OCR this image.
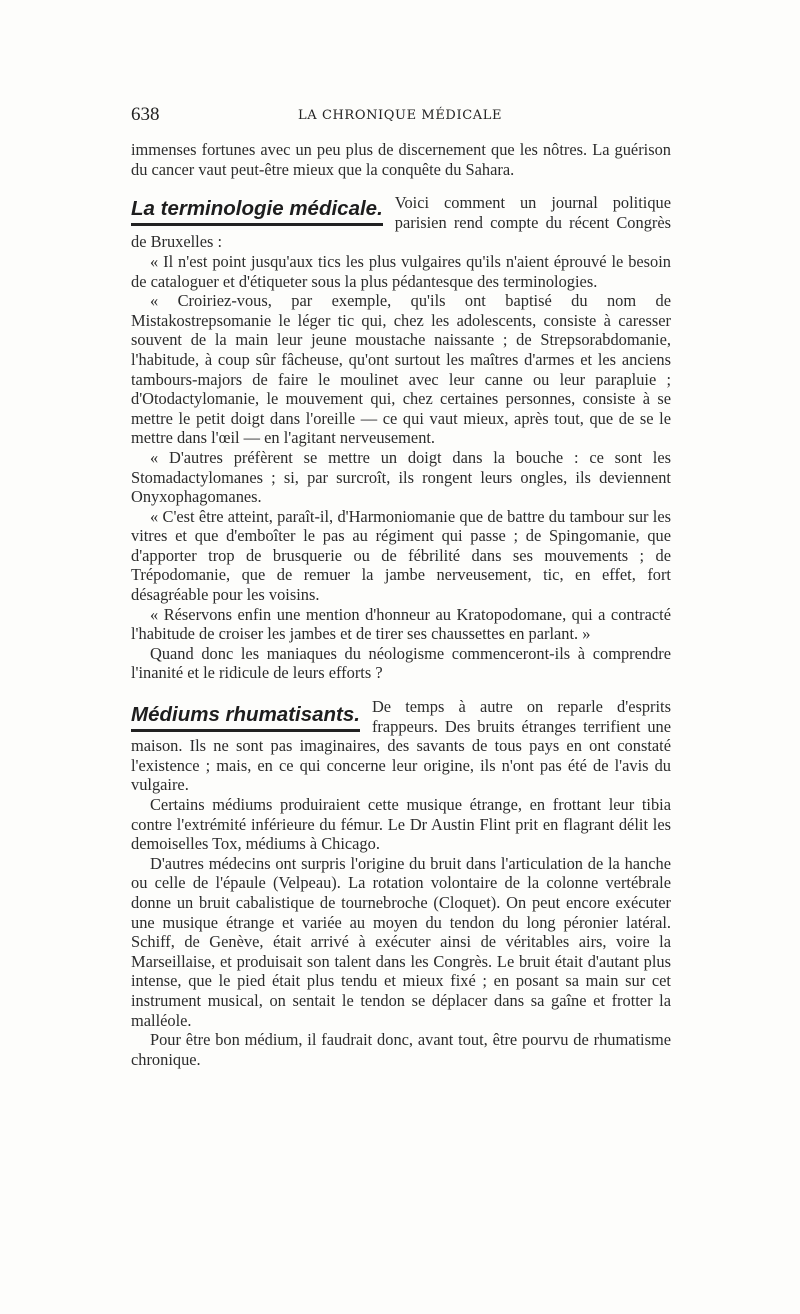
638	LA CHRONIQUE MÉDICALE

immenses fortunes avec un peu plus de discernement que les nôtres. La guérison du cancer vaut peut-être mieux que la conquête du Sahara.

La terminologie médicale. Voici comment un journal politique parisien rend compte du récent Congrès de Bruxelles :

« Il n'est point jusqu'aux tics les plus vulgaires qu'ils n'aient éprouvé le besoin de cataloguer et d'étiqueter sous la plus pédantesque des terminologies.

« Croiriez-vous, par exemple, qu'ils ont baptisé du nom de Mistakostrepsomanie le léger tic qui, chez les adolescents, consiste à caresser souvent de la main leur jeune moustache naissante ; de Strepsorabdomanie, l'habitude, à coup sûr fâcheuse, qu'ont surtout les maîtres d'armes et les anciens tambours-majors de faire le moulinet avec leur canne ou leur parapluie ; d'Otodactylomanie, le mouvement qui, chez certaines personnes, consiste à se mettre le petit doigt dans l'oreille — ce qui vaut mieux, après tout, que de se le mettre dans l'œil — en l'agitant nerveusement.

« D'autres préfèrent se mettre un doigt dans la bouche : ce sont les Stomadactylomanes ; si, par surcroît, ils rongent leurs ongles, ils deviennent Onyxophagomanes.

« C'est être atteint, paraît-il, d'Harmoniomanie que de battre du tambour sur les vitres et que d'emboîter le pas au régiment qui passe ; de Spingomanie, que d'apporter trop de brusquerie ou de fébrilité dans ses mouvements ; de Trépodomanie, que de remuer la jambe nerveusement, tic, en effet, fort désagréable pour les voisins.

« Réservons enfin une mention d'honneur au Kratopodomane, qui a contracté l'habitude de croiser les jambes et de tirer ses chaussettes en parlant. »

Quand donc les maniaques du néologisme commenceront-ils à comprendre l'inanité et le ridicule de leurs efforts ?

Médiums rhumatisants. De temps à autre on reparle d'esprits frappeurs. Des bruits étranges terrifient une maison. Ils ne sont pas imaginaires, des savants de tous pays en ont constaté l'existence ; mais, en ce qui concerne leur origine, ils n'ont pas été de l'avis du vulgaire.

Certains médiums produiraient cette musique étrange, en frottant leur tibia contre l'extrémité inférieure du fémur. Le Dr Austin Flint prit en flagrant délit les demoiselles Tox, médiums à Chicago.

D'autres médecins ont surpris l'origine du bruit dans l'articulation de la hanche ou celle de l'épaule (Velpeau). La rotation volontaire de la colonne vertébrale donne un bruit cabalistique de tournebroche (Cloquet). On peut encore exécuter une musique étrange et variée au moyen du tendon du long péronier latéral. Schiff, de Genève, était arrivé à exécuter ainsi de véritables airs, voire la Marseillaise, et produisait son talent dans les Congrès. Le bruit était d'autant plus intense, que le pied était plus tendu et mieux fixé ; en posant sa main sur cet instrument musical, on sentait le tendon se déplacer dans sa gaîne et frotter la malléole.

Pour être bon médium, il faudrait donc, avant tout, être pourvu de rhumatisme chronique.
